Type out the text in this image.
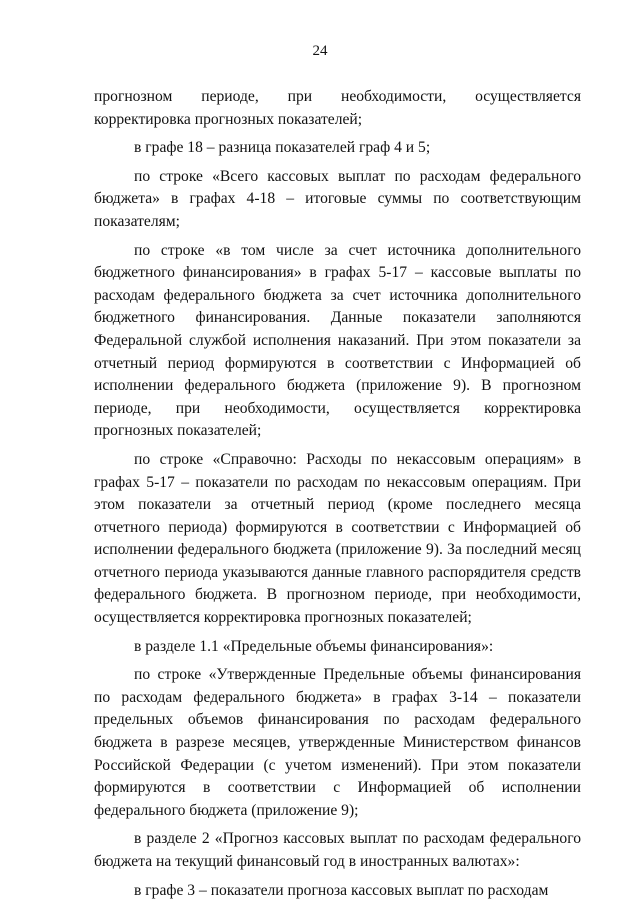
24

прогнозном периоде, при необходимости, осуществляется корректировка прогнозных показателей;

в графе 18 – разница показателей граф 4 и 5;

по строке «Всего кассовых выплат по расходам федерального бюджета» в графах 4-18 – итоговые суммы по соответствующим показателям;

по строке «в том числе за счет источника дополнительного бюджетного финансирования» в графах 5-17 – кассовые выплаты по расходам федерального бюджета за счет источника дополнительного бюджетного финансирования. Данные показатели заполняются Федеральной службой исполнения наказаний. При этом показатели за отчетный период формируются в соответствии с Информацией об исполнении федерального бюджета (приложение 9). В прогнозном периоде, при необходимости, осуществляется корректировка прогнозных показателей;

по строке «Справочно: Расходы по некассовым операциям» в графах 5-17 – показатели по расходам по некассовым операциям. При этом показатели за отчетный период (кроме последнего месяца отчетного периода) формируются в соответствии с Информацией об исполнении федерального бюджета (приложение 9). За последний месяц отчетного периода указываются данные главного распорядителя средств федерального бюджета. В прогнозном периоде, при необходимости, осуществляется корректировка прогнозных показателей;

в разделе 1.1 «Предельные объемы финансирования»:

по строке «Утвержденные Предельные объемы финансирования по расходам федерального бюджета» в графах 3-14 – показатели предельных объемов финансирования по расходам федерального бюджета в разрезе месяцев, утвержденные Министерством финансов Российской Федерации (с учетом изменений). При этом показатели формируются в соответствии с Информацией об исполнении федерального бюджета (приложение 9);

в разделе 2 «Прогноз кассовых выплат по расходам федерального бюджета на текущий финансовый год в иностранных валютах»:

в графе 3 – показатели прогноза кассовых выплат по расходам
